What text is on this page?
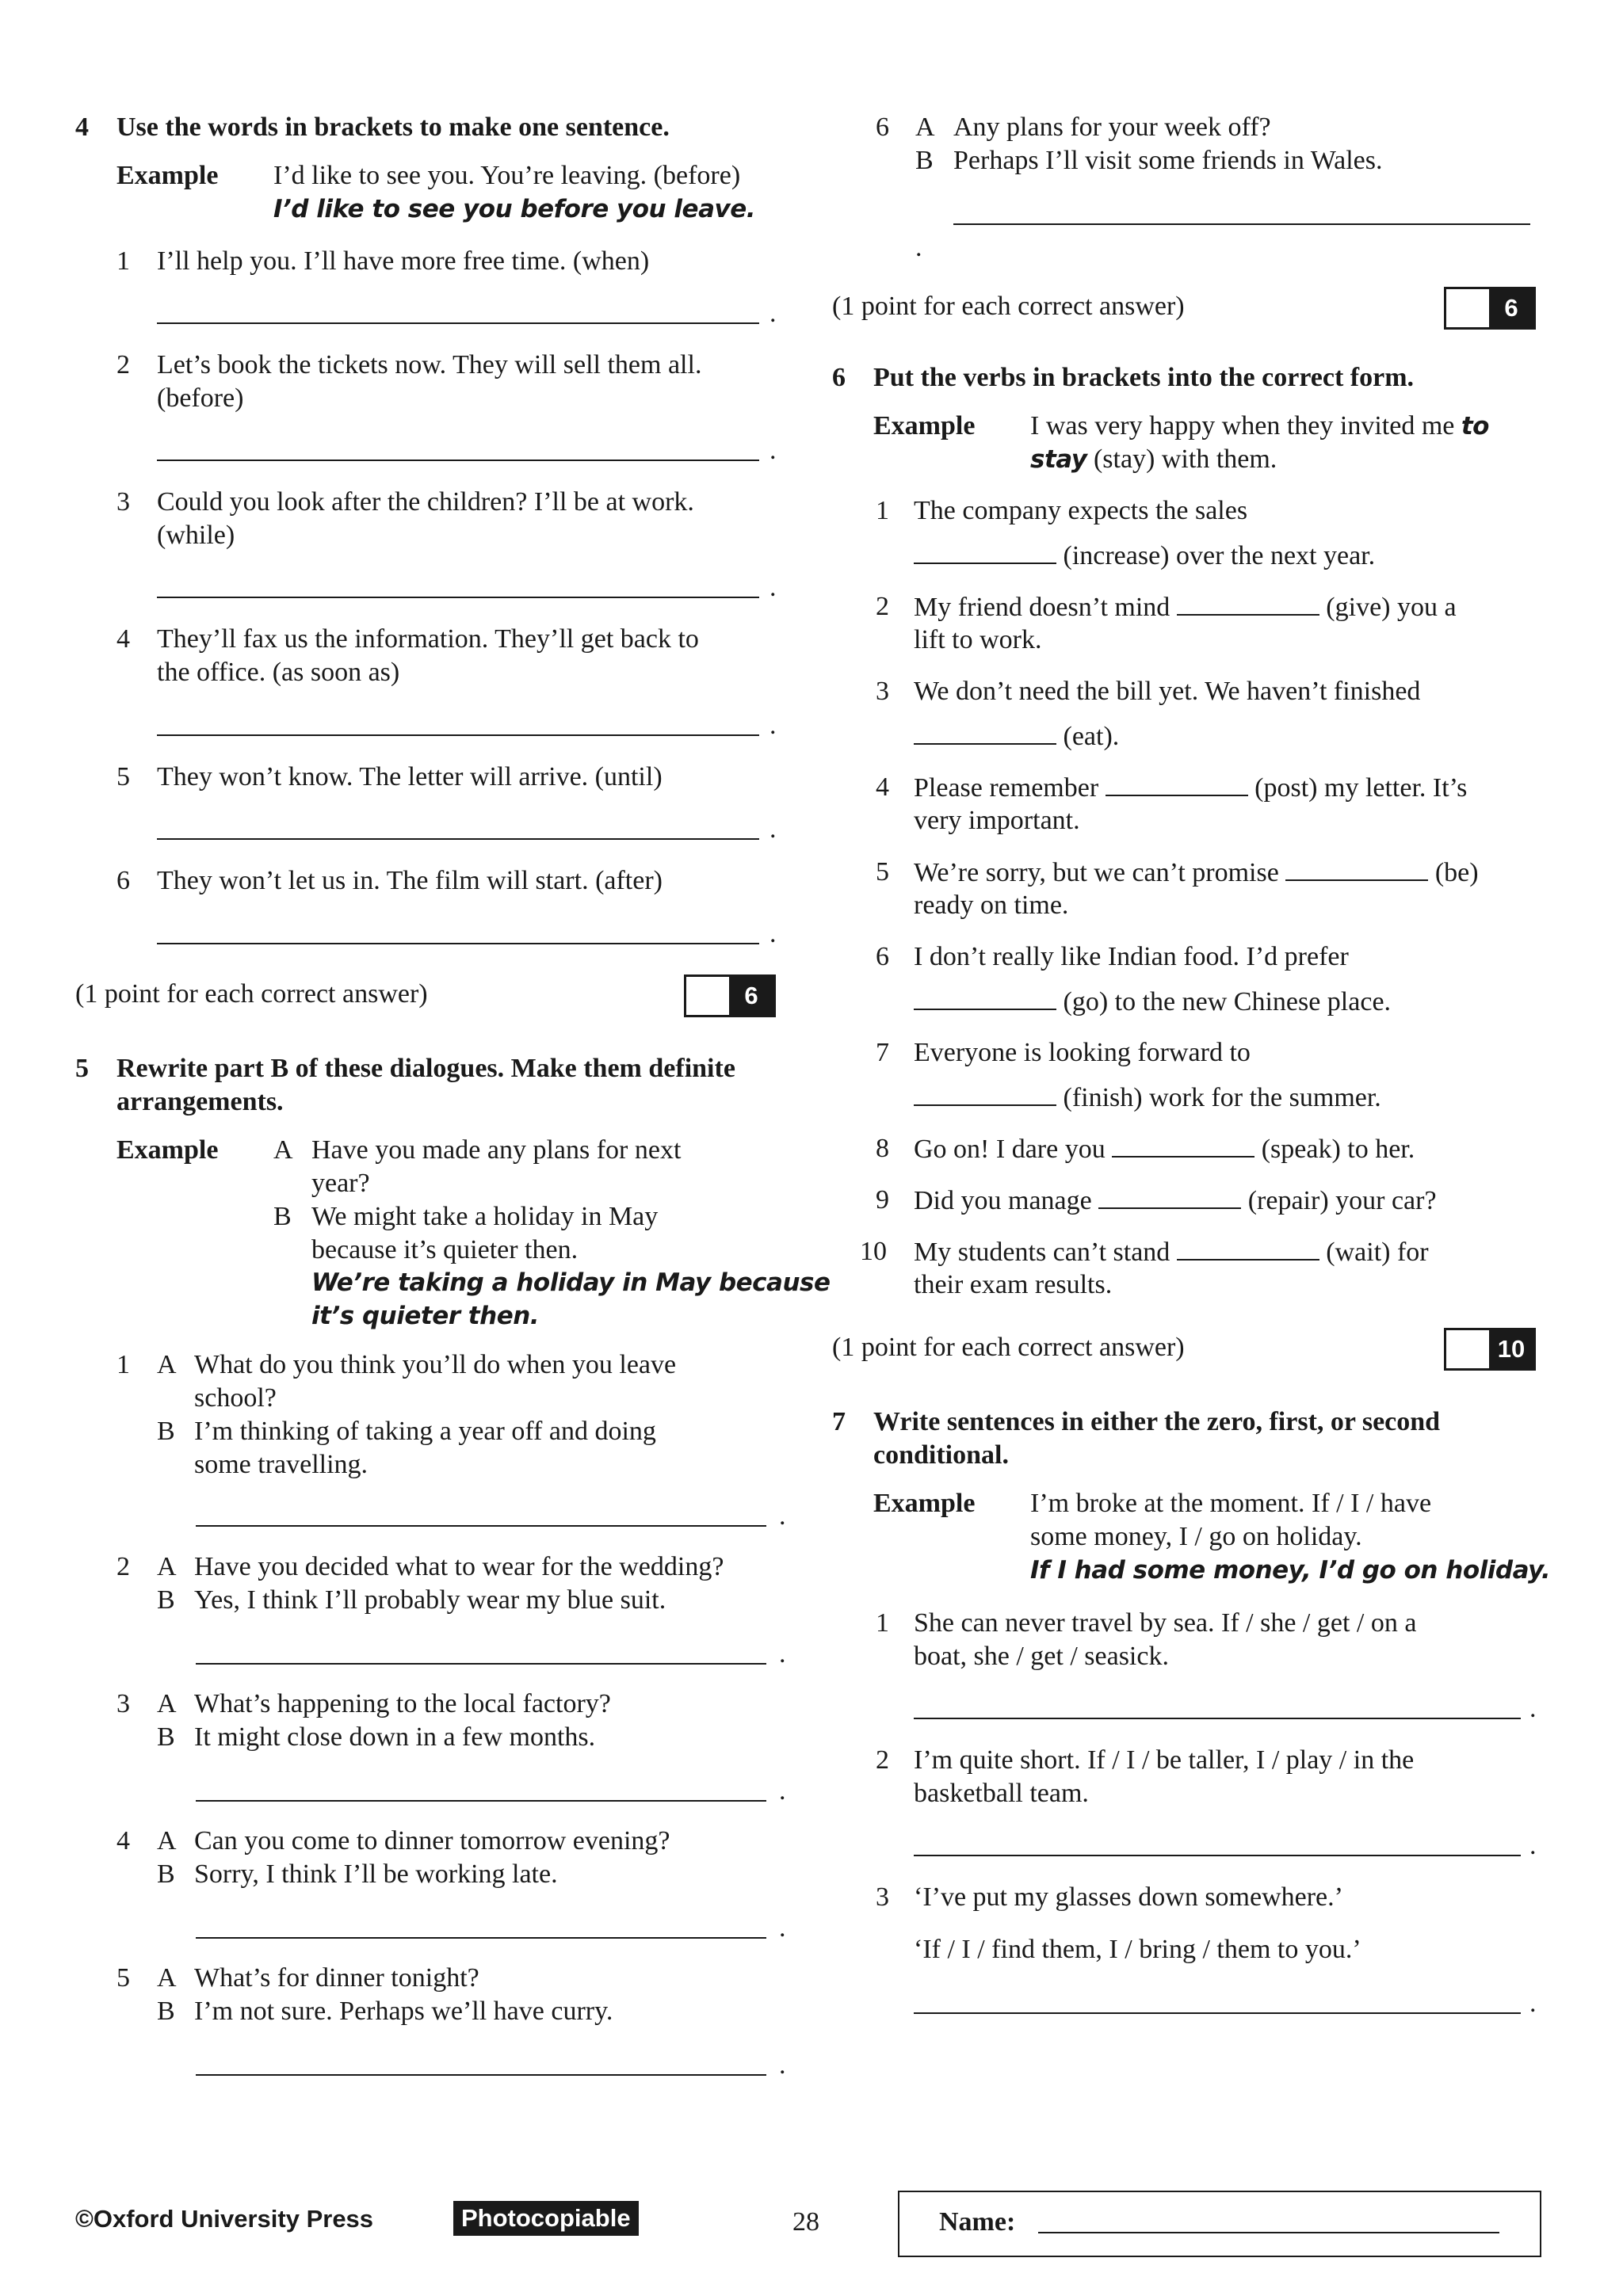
4 Use the words in brackets to make one sentence.
Example I’d like to see you. You’re leaving. (before)
I’d like to see you before you leave.
1 I’ll help you. I’ll have more free time. (when)
.
2 Let’s book the tickets now. They will sell them all.
(before)
.
3 Could you look after the children? I’ll be at work.
(while)
.
4 They’ll fax us the information. They’ll get back to
the office. (as soon as)
.
5 They won’t know. The letter will arrive. (until)
.
6 They won’t let us in. The film will start. (after)
.
(1 point for each correct answer)	6
5 Rewrite part B of these dialogues. Make them definite
arrangements.
Example A Have you made any plans for next
year?
B We might take a holiday in May
because it’s quieter then.
We’re taking a holiday in May because
it’s quieter then.
1 A What do you think you’ll do when you leave
school?
B I’m thinking of taking a year off and doing
some travelling.
.
2 A Have you decided what to wear for the wedding?
B Yes, I think I’ll probably wear my blue suit.
.
3 A What’s happening to the local factory?
B It might close down in a few months.
.
4 A Can you come to dinner tomorrow evening?
B Sorry, I think I’ll be working late.
.
5 A What’s for dinner tonight?
B I’m not sure. Perhaps we’ll have curry.
.
6 A Any plans for your week off?
B Perhaps I’ll visit some friends in Wales.
.
(1 point for each correct answer)	6
6 Put the verbs in brackets into the correct form.
Example I was very happy when they invited me to
stay (stay) with them.
1 The company expects the sales
(increase) over the next year.
2 My friend doesn’t mind	(give) you a
lift to work.
3 We don’t need the bill yet. We haven’t finished
(eat).
4 Please remember	(post) my letter. It’s
very important.
5 We’re sorry, but we can’t promise	(be)
ready on time.
6 I don’t really like Indian food. I’d prefer
(go) to the new Chinese place.
7 Everyone is looking forward to
(finish) work for the summer.
8 Go on! I dare you	(speak) to her.
9 Did you manage	(repair) your car?
10 My students can’t stand	(wait) for
their exam results.
(1 point for each correct answer)	10
7 Write sentences in either the zero, first, or second
conditional.
Example I’m broke at the moment. If / I / have
some money, I / go on holiday.
If I had some money, I’d go on holiday.
1 She can never travel by sea. If / she / get / on a
boat, she / get / seasick.
.
2 I’m quite short. If / I / be taller, I / play / in the
basketball team.
.
3 ‘I’ve put my glasses down somewhere.’
‘If / I / find them, I / bring / them to you.’
.
©Oxford University Press	Photocopiable	28	Name:
